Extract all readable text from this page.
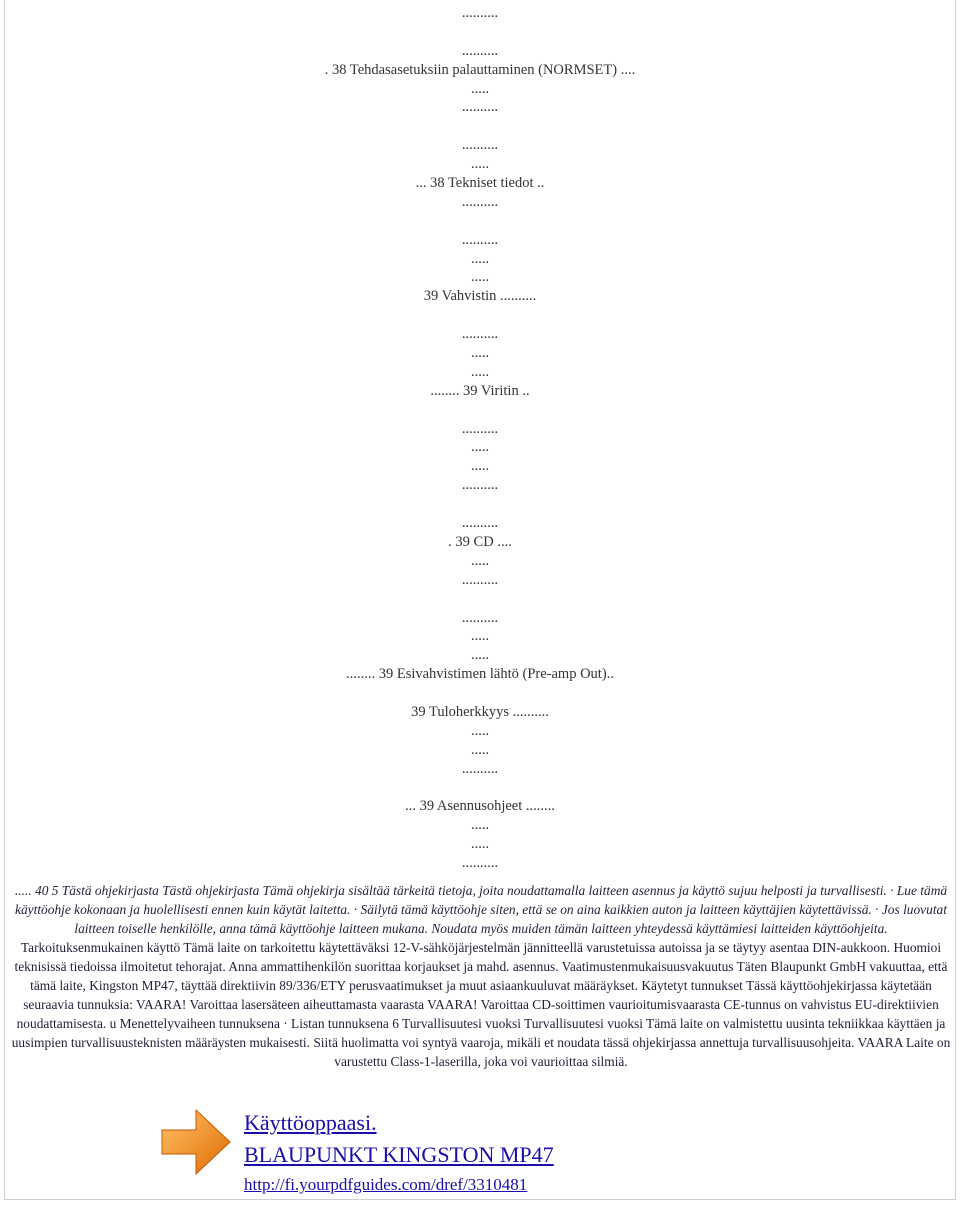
..........
..........
. 38 Tehdasasetuksiin palauttaminen (NORMSET) ....
.....
..........
..........
.....
... 38 Tekniset tiedot ..
..........
..........
.....
.....
39 Vahvistin ..........
..........
.....
.....
........ 39 Viritin ..
..........
.....
.....
..........
..........
. 39 CD ....
.....
..........
..........
.....
.....
........ 39 Esivahvistimen lähtö (Pre-amp Out)..
39 Tuloherkkyys ..........
.....
.....
..........
... 39 Asennusohjeet ........
.....
.....
..........

..... 40 5 Tästä ohjekirjasta Tästä ohjekirjasta Tämä ohjekirja sisältää tärkeitä tietoja, joita noudattamalla laitteen asennus ja käyttö sujuu helposti ja turvallisesti. · Lue tämä käyttöohje kokonaan ja huolellisesti ennen kuin käytät laitetta. · Säilytä tämä käyttöohje siten, että se on aina kaikkien auton ja laitteen käyttäjien käytettävissä. · Jos luovutat laitteen toiselle henkilölle, anna tämä käyttöohje laitteen mukana. Noudata myös muiden tämän laitteen yhteydessä käyttämiesi laitteiden käyttöohjeita.

Tarkoituksenmukainen käyttö Tämä laite on tarkoitettu käytettäväksi 12-V-sähköjärjestelmän jännitteellä varustetuissa autoissa ja se täytyy asentaa DIN-aukkoon. Huomioi teknisissä tiedoissa ilmoitetut tehorajat. Anna ammattihenkilön suorittaa korjaukset ja mahd. asennus. Vaatimustenmukaisuusvakuutus Täten Blaupunkt GmbH vakuuttaa, että tämä laite, Kingston MP47, täyttää direktiivin 89/336/ETY perusvaatimukset ja muut asiaankuuluvat määräykset. Käytetyt tunnukset Tässä käyttöohjekirjassa käytetään seuraavia tunnuksia: VAARA! Varoittaa lasersäteen aiheuttamasta vaarasta VAARA! Varoittaa CD-soittimen vaurioitumisvaarasta CE-tunnus on vahvistus EU-direktiivien noudattamisesta. u Menettelyvaiheen tunnuksena · Listan tunnuksena 6 Turvallisuutesi vuoksi Turvallisuutesi vuoksi Tämä laite on valmistettu uusinta tekniikkaa käyttäen ja uusimpien turvallisuusteknisten määräysten mukaisesti. Siitä huolimatta voi syntyä vaaroja, mikäli et noudata tässä ohjekirjassa annettuja turvallisuusohjeita. VAARA Laite on varustettu Class-1-laserilla, joka voi vaurioittaa silmiä.

Käyttöoppaasi.
BLAUPUNKT KINGSTON MP47
http://fi.yourpdfguides.com/dref/3310481
